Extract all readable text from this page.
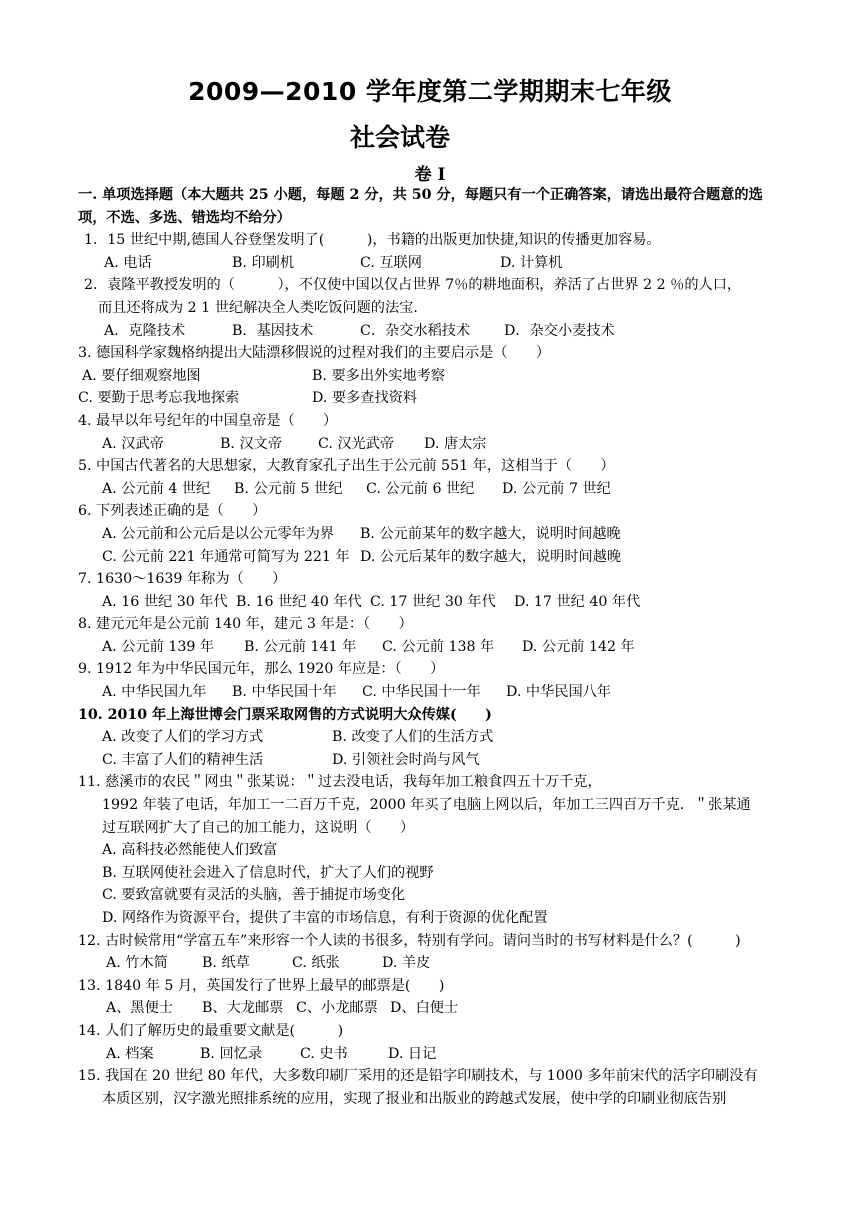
2009—2010 学年度第二学期期末七年级
社会试卷
卷 I
一. 单项选择题（本大题共 25 小题，每题 2 分，共 50 分，每题只有一个正确答案，请选出最符合题意的选
项，不选、多选、错选均不给分）
1．15 世纪中期,德国人谷登堡发明了(　　　)，书籍的出版更加快捷,知识的传播更加容易。
A. 电话	B. 印刷机	C. 互联网	D. 计算机
2．袁隆平教授发明的（　　　），不仅使中国以仅占世界 7％的耕地面积，养活了占世界 2 2 ％的人口，
而且还将成为 2 1 世纪解决全人类吃饭问题的法宝.
A．克隆技术	B．基因技术	C．杂交水稻技术 D．杂交小麦技术
3. 德国科学家魏格纳提出大陆漂移假说的过程对我们的主要启示是（　　）
A. 要仔细观察地图	B. 要多出外实地考察
C. 要勤于思考忘我地探索	D. 要多查找资料
4. 最早以年号纪年的中国皇帝是（　　）
A. 汉武帝	B. 汉文帝	C. 汉光武帝 D. 唐太宗
5. 中国古代著名的大思想家，大教育家孔子出生于公元前 551 年，这相当于（　　）
A. 公元前 4 世纪 B. 公元前 5 世纪 C. 公元前 6 世纪 D. 公元前 7 世纪
6. 下列表述正确的是（　　）
A. 公元前和公元后是以公元零年为界 B. 公元前某年的数字越大，说明时间越晚
C. 公元前 221 年通常可简写为 221 年 D. 公元后某年的数字越大，说明时间越晚
7. 1630～1639 年称为（　　）
A. 16 世纪 30 年代 B. 16 世纪 40 年代 C. 17 世纪 30 年代 D. 17 世纪 40 年代
8. 建元元年是公元前 140 年，建元 3 年是：（　　）
A. 公元前 139 年 B. 公元前 141 年 C. 公元前 138 年 D. 公元前 142 年
9. 1912 年为中华民国元年，那么 1920 年应是：（　　）
A. 中华民国九年 B. 中华民国十年 C. 中华民国十一年 D. 中华民国八年
10. 2010 年上海世博会门票采取网售的方式说明大众传媒(　　)
A. 改变了人们的学习方式	B. 改变了人们的生活方式
C. 丰富了人们的精神生活	D. 引领社会时尚与风气
11. 慈溪市的农民＂网虫＂张某说：＂过去没电话，我每年加工粮食四五十万千克，
1992 年装了电话，年加工一二百万千克，2000 年买了电脑上网以后，年加工三四百万千克．＂张某通
过互联网扩大了自己的加工能力，这说明（　　）
A. 高科技必然能使人们致富
B. 互联网使社会进入了信息时代，扩大了人们的视野
C. 要致富就要有灵活的头脑，善于捕捉市场变化
D. 网络作为资源平台，提供了丰富的市场信息，有利于资源的优化配置
12. 古时候常用“学富五车”来形容一个人读的书很多，特别有学问。请问当时的书写材料是什么？(　　　)
A. 竹木简 B. 纸草	C. 纸张	D. 羊皮
13. 1840 年 5 月，英国发行了世界上最早的邮票是(　　)
A、黑便士 B、大龙邮票 C、小龙邮票 D、白便士
14. 人们了解历史的最重要文献是(　　　)
A. 档案	B. 回忆录	C. 史书	D. 日记
15. 我国在 20 世纪 80 年代，大多数印刷厂采用的还是铅字印刷技术，与 1000 多年前宋代的活字印刷没有
本质区别，汉字激光照排系统的应用，实现了报业和出版业的跨越式发展，使中学的印刷业彻底告别
